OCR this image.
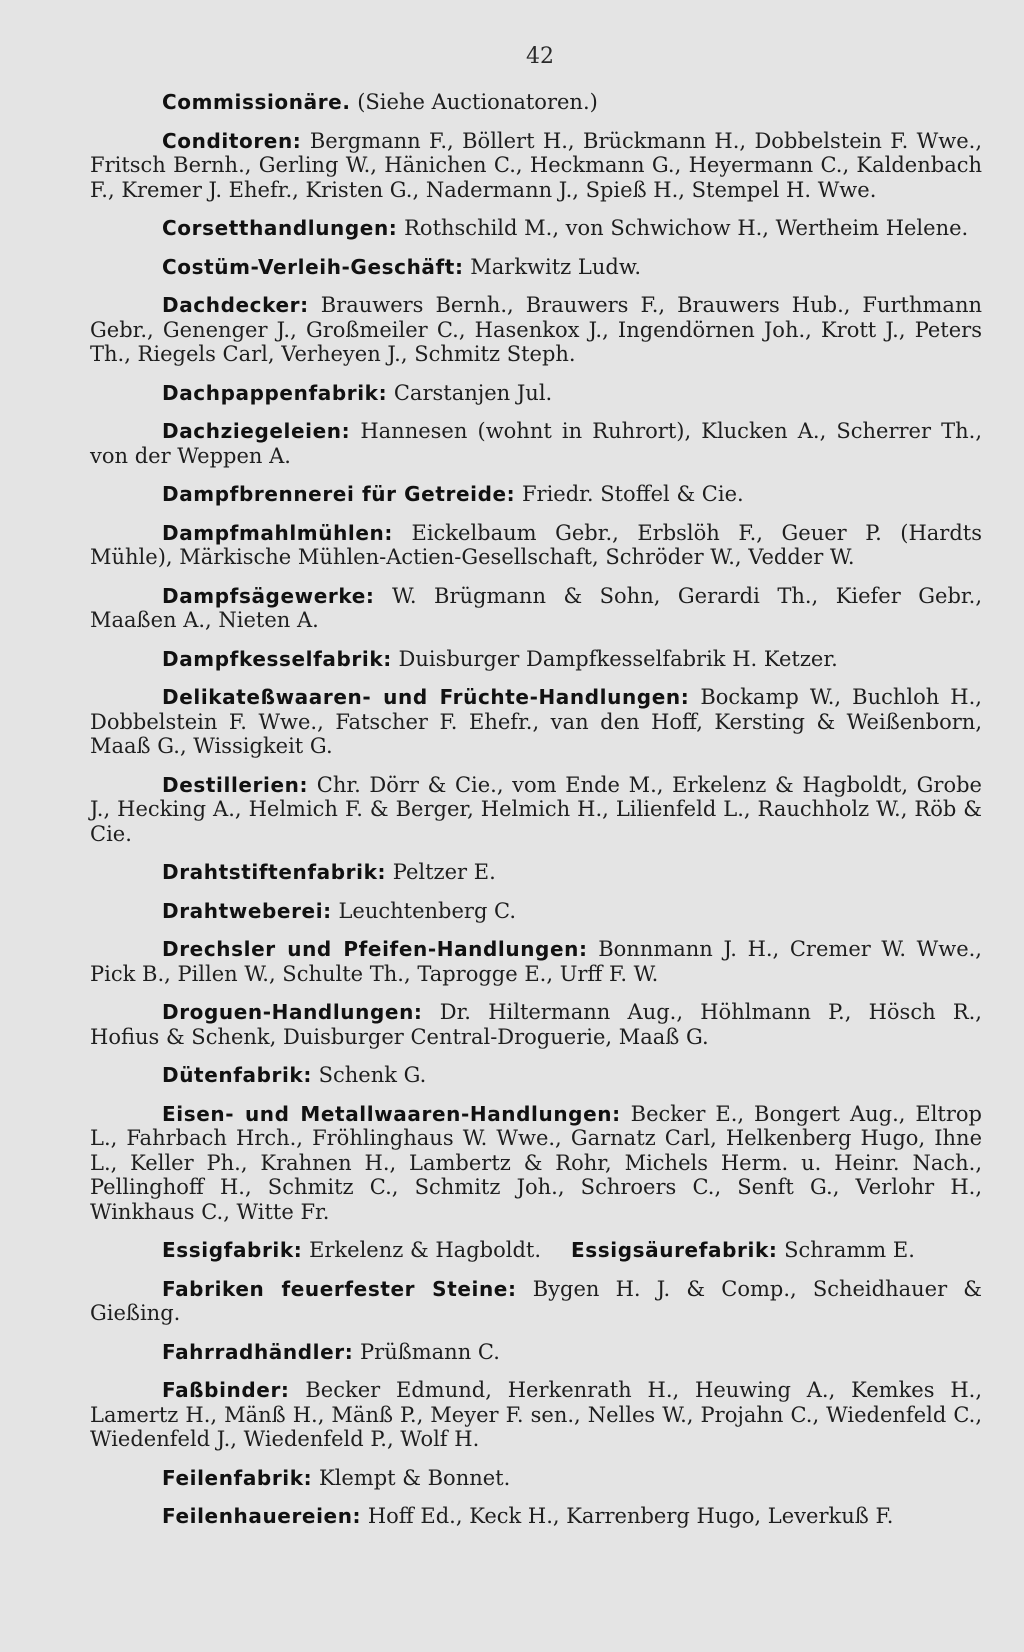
42

Commissionäre. (Siehe Auctionatoren.)

Conditoren: Bergmann F., Böllert H., Brückmann H., Dobbelstein F. Wwe., Fritsch Bernh., Gerling W., Hänichen C., Heckmann G., Heyermann C., Kaldenbach F., Kremer J. Ehefr., Kristen G., Nadermann J., Spieß H., Stempel H. Wwe.

Corsetthandlungen: Rothschild M., von Schwichow H., Wertheim Helene.

Costüm-Verleih-Geschäft: Markwitz Ludw.

Dachdecker: Brauwers Bernh., Brauwers F., Brauwers Hub., Furthmann Gebr., Genenger J., Großmeiler C., Hasenkox J., Ingendörnen Joh., Krott J., Peters Th., Riegels Carl, Verheyen J., Schmitz Steph.

Dachpappenfabrik: Carstanjen Jul.

Dachziegeleien: Hannesen (wohnt in Ruhrort), Klucken A., Scherrer Th., von der Weppen A.

Dampfbrennerei für Getreide: Friedr. Stoffel & Cie.

Dampfmahlmühlen: Eickelbaum Gebr., Erbslöh F., Geuer P. (Hardts Mühle), Märkische Mühlen-Actien-Gesellschaft, Schröder W., Vedder W.

Dampfsägewerke: W. Brügmann & Sohn, Gerardi Th., Kiefer Gebr., Maaßen A., Nieten A.

Dampfkesselfabrik: Duisburger Dampfkesselfabrik H. Ketzer.

Delikateßwaaren- und Früchte-Handlungen: Bockamp W., Buchloh H., Dobbelstein F. Wwe., Fatscher F. Ehefr., van den Hoff, Kersting & Weißenborn, Maaß G., Wissigkeit G.

Destillerien: Chr. Dörr & Cie., vom Ende M., Erkelenz & Hagboldt, Grobe J., Hecking A., Helmich F. & Berger, Helmich H., Lilienfeld L., Rauchholz W., Röb & Cie.

Drahtstiftenfabrik: Peltzer E.

Drahtweberei: Leuchtenberg C.

Drechsler und Pfeifen-Handlungen: Bonnmann J. H., Cremer W. Wwe., Pick B., Pillen W., Schulte Th., Taprogge E., Urff F. W.

Droguen-Handlungen: Dr. Hiltermann Aug., Höhlmann P., Hösch R., Hofius & Schenk, Duisburger Central-Droguerie, Maaß G.

Dütenfabrik: Schenk G.

Eisen- und Metallwaaren-Handlungen: Becker E., Bongert Aug., Eltrop L., Fahrbach Hrch., Fröhlinghaus W. Wwe., Garnatz Carl, Helkenberg Hugo, Ihne L., Keller Ph., Krahnen H., Lambertz & Rohr, Michels Herm. u. Heinr. Nach., Pellinghoff H., Schmitz C., Schmitz Joh., Schroers C., Senft G., Verlohr H., Winkhaus C., Witte Fr.

Essigfabrik: Erkelenz & Hagboldt. Essigsäurefabrik: Schramm E.

Fabriken feuerfester Steine: Bygen H. J. & Comp., Scheidhauer & Gießing.

Fahrradhändler: Prüßmann C.

Faßbinder: Becker Edmund, Herkenrath H., Heuwing A., Kemkes H., Lamertz H., Mänß H., Mänß P., Meyer F. sen., Nelles W., Projahn C., Wiedenfeld C., Wiedenfeld J., Wiedenfeld P., Wolf H.

Feilenfabrik: Klempt & Bonnet.

Feilenhauereien: Hoff Ed., Keck H., Karrenberg Hugo, Leverkuß F.
